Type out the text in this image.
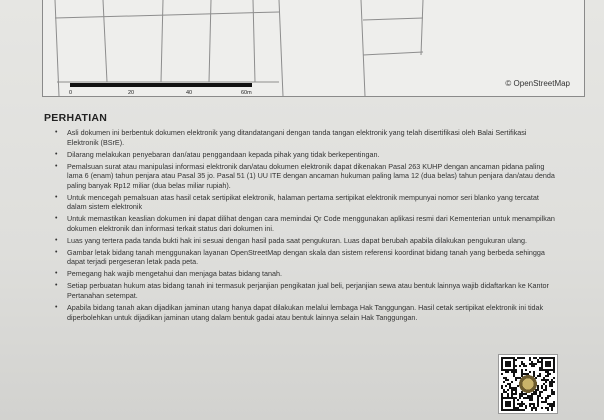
0	20	40	60m
© OpenStreetMap
PERHATIAN
• Asli dokumen ini berbentuk dokumen elektronik yang ditandatangani dengan tanda tangan elektronik yang telah disertifikasi oleh Balai Sertifikasi Elektronik (BSrE).
• Dilarang melakukan penyebaran dan/atau penggandaan kepada pihak yang tidak berkepentingan.
• Pemalsuan surat atau manipulasi informasi elektronik dan/atau dokumen elektronik dapat dikenakan Pasal 263 KUHP dengan ancaman pidana paling lama 6 (enam) tahun penjara atau Pasal 35 jo. Pasal 51 (1) UU ITE dengan ancaman hukuman paling lama 12 (dua belas) tahun penjara dan/atau denda paling banyak Rp12 miliar (dua belas miliar rupiah).
• Untuk mencegah pemalsuan atas hasil cetak sertipikat elektronik, halaman pertama sertipikat elektronik mempunyai nomor seri blanko yang tercatat dalam sistem elektronik
• Untuk memastikan keaslian dokumen ini dapat dilihat dengan cara memindai Qr Code menggunakan aplikasi resmi dari Kementerian untuk menampilkan dokumen elektronik dan informasi terkait status dari dokumen ini.
• Luas yang tertera pada tanda bukti hak ini sesuai dengan hasil pada saat pengukuran. Luas dapat berubah apabila dilakukan pengukuran ulang.
• Gambar letak bidang tanah menggunakan layanan OpenStreetMap dengan skala dan sistem referensi koordinat bidang tanah yang berbeda sehingga dapat terjadi pergeseran letak pada peta.
• Pemegang hak wajib mengetahui dan menjaga batas bidang tanah.
• Setiap perbuatan hukum atas bidang tanah ini termasuk perjanjian pengikatan jual beli, perjanjian sewa atau bentuk lainnya wajib didaftarkan ke Kantor Pertanahan setempat.
• Apabila bidang tanah akan dijadikan jaminan utang hanya dapat dilakukan melalui lembaga Hak Tanggungan. Hasil cetak sertipikat elektronik ini tidak diperbolehkan untuk dijadikan jaminan utang dalam bentuk gadai atau bentuk lainnya selain Hak Tanggungan.
